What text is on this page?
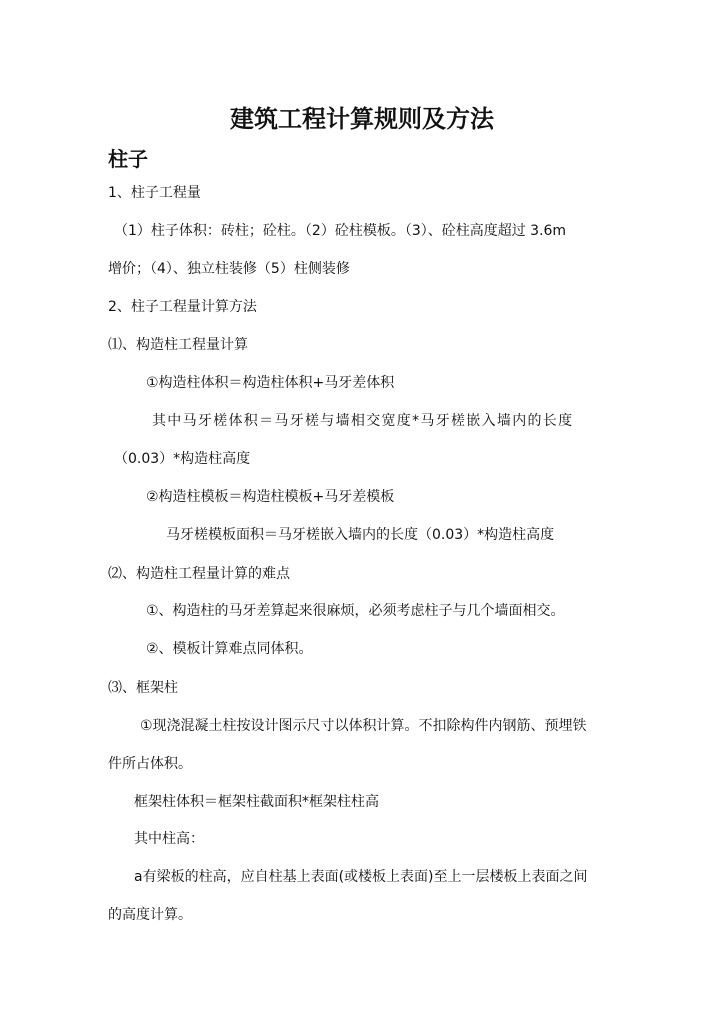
建筑工程计算规则及方法
柱子
1、柱子工程量
（1）柱子体积：砖柱；砼柱。（2）砼柱模板。（3）、砼柱高度超过 3.6m
增价；（4）、独立柱装修（5）柱侧装修
2、柱子工程量计算方法
⑴、构造柱工程量计算
①构造柱体积＝构造柱体积+马牙差体积
其中马牙槎体积＝马牙槎与墙相交宽度*马牙槎嵌入墙内的长度
（0.03）*构造柱高度
②构造柱模板＝构造柱模板+马牙差模板
马牙槎模板面积＝马牙槎嵌入墙内的长度（0.03）*构造柱高度
⑵、构造柱工程量计算的难点
①、构造柱的马牙差算起来很麻烦，必须考虑柱子与几个墙面相交。
②、模板计算难点同体积。
⑶、框架柱
①现浇混凝土柱按设计图示尺寸以体积计算。不扣除构件内钢筋、预埋铁
件所占体积。
框架柱体积＝框架柱截面积*框架柱柱高
其中柱高：
a有梁板的柱高，应自柱基上表面(或楼板上表面)至上一层楼板上表面之间
的高度计算。
